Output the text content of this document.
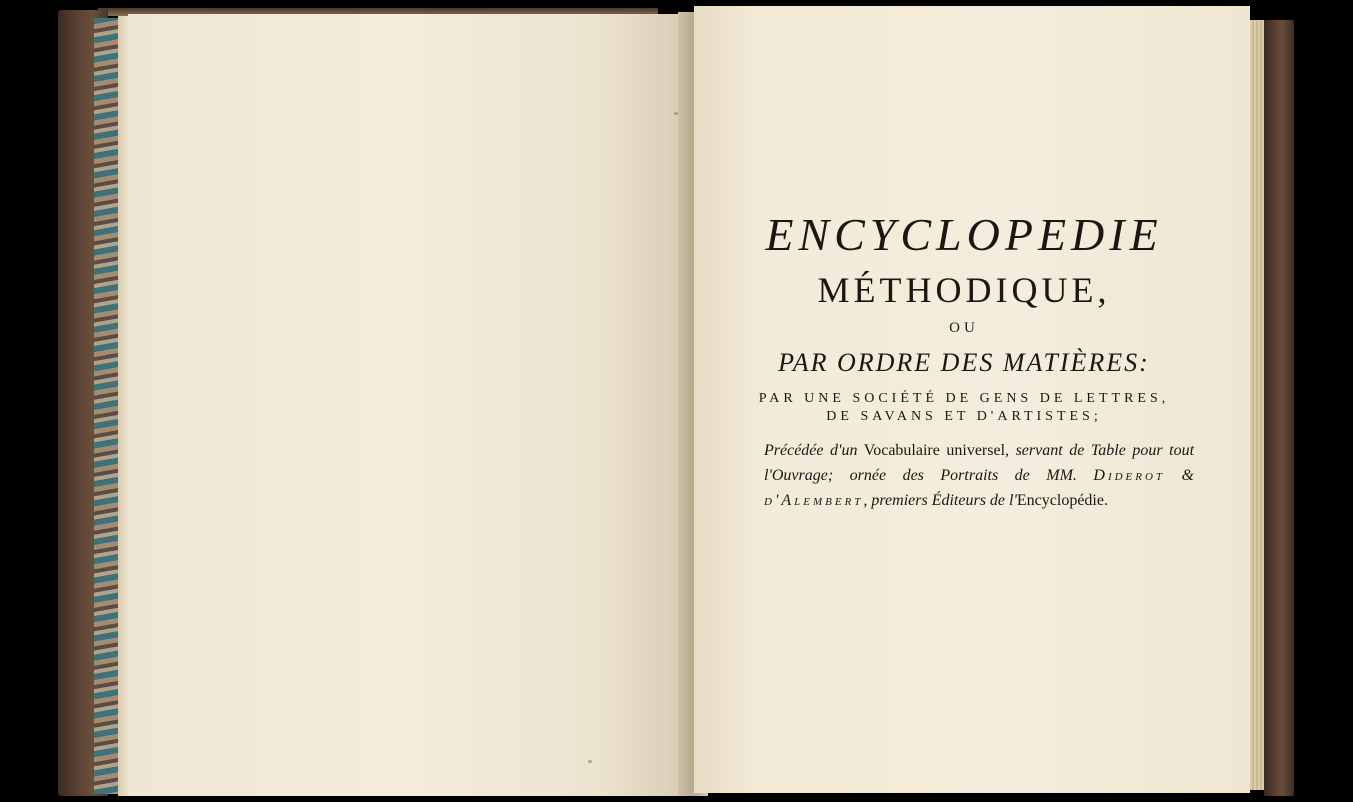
ENCYCLOPEDIE
MÉTHODIQUE,
OU
PAR ORDRE DES MATIÈRES:
PAR UNE SOCIÉTÉ DE GENS DE LETTRES,
DE SAVANS ET D'ARTISTES;
Précédée d'un Vocabulaire universel, servant de Table pour tout l'Ouvrage; ornée des Portraits de MM. Diderot & d'Alembert, premiers Éditeurs de l'Encyclopédie.
